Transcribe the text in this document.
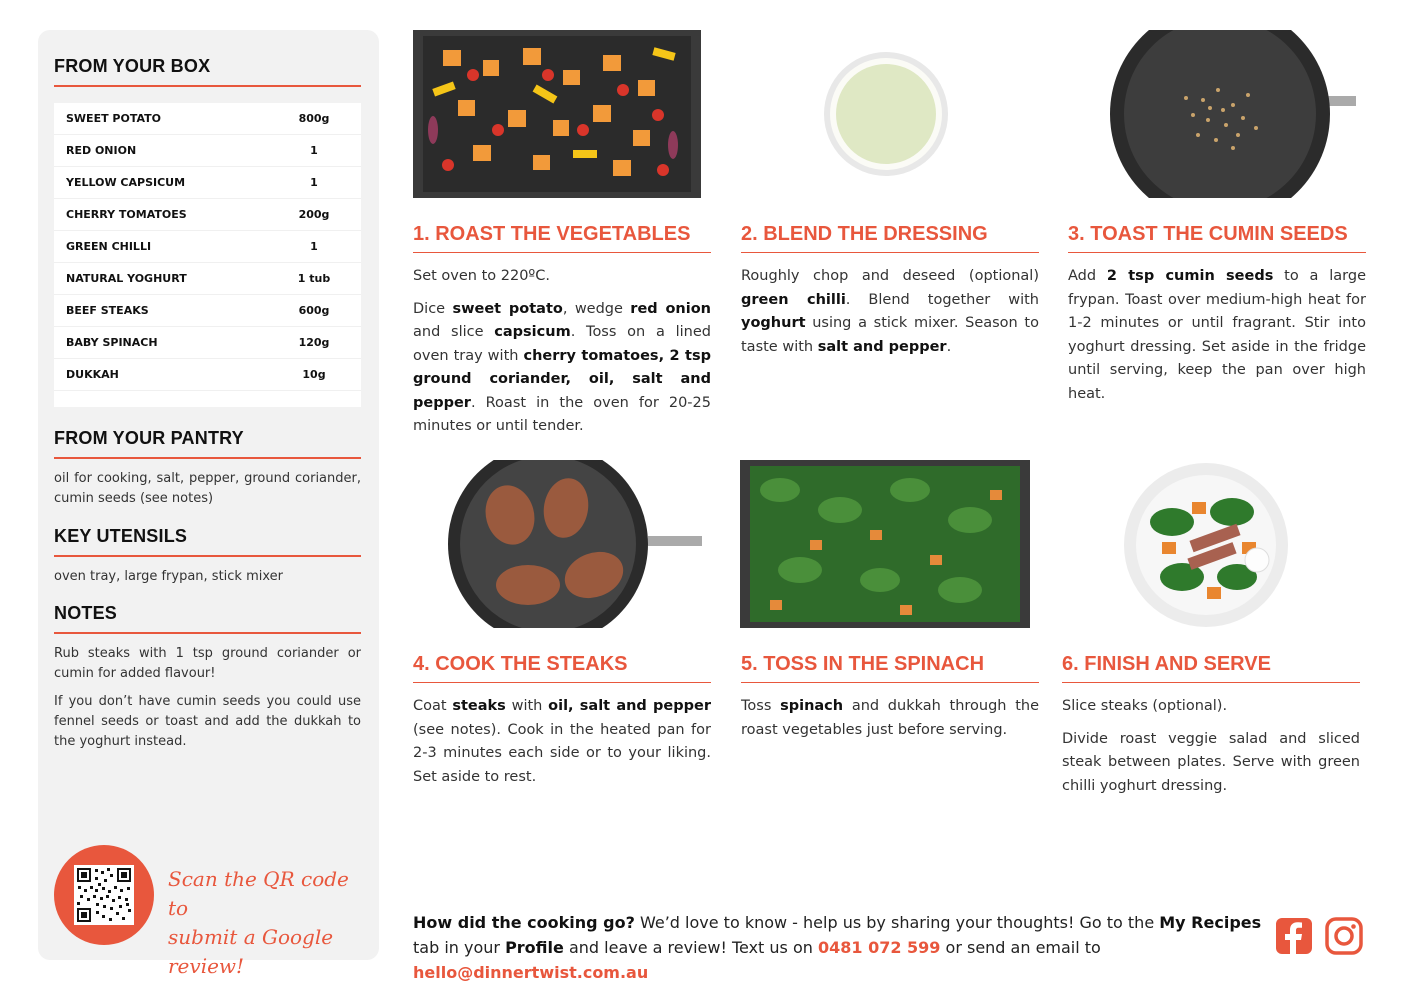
FROM YOUR BOX
SWEET POTATO	800g
RED ONION	1
YELLOW CAPSICUM	1
CHERRY TOMATOES	200g
GREEN CHILLI	1
NATURAL YOGHURT	1 tub
BEEF STEAKS	600g
BABY SPINACH	120g
DUKKAH	10g
FROM YOUR PANTRY
oil for cooking, salt, pepper, ground coriander, cumin seeds (see notes)
KEY UTENSILS
oven tray, large frypan, stick mixer
NOTES

Rub steaks with 1 tsp ground coriander or cumin for added flavour!

If you don’t have cumin seeds you could use fennel seeds or toast and add the dukkah to the yoghurt instead.

Scan the QR code to
submit a Google review!
1. ROAST THE VEGETABLES

Set oven to 220ºC.

Dice sweet potato, wedge red onion and slice capsicum. Toss on a lined oven tray with cherry tomatoes, 2 tsp ground coriander, oil, salt and pepper. Roast in the oven for 20-25 minutes or until tender.

2. BLEND THE DRESSING

Roughly chop and deseed (optional) green chilli. Blend together with yoghurt using a stick mixer. Season to taste with salt and pepper.

3. TOAST THE CUMIN SEEDS

Add 2 tsp cumin seeds to a large frypan. Toast over medium-high heat for 1-2 minutes or until fragrant. Stir into yoghurt dressing. Set aside in the fridge until serving, keep the pan over high heat.

4. COOK THE STEAKS

Coat steaks with oil, salt and pepper (see notes). Cook in the heated pan for 2-3 minutes each side or to your liking. Set aside to rest.

5. TOSS IN THE SPINACH

Toss spinach and dukkah through the roast vegetables just before serving.

6. FINISH AND SERVE

Slice steaks (optional).

Divide roast veggie salad and sliced steak between plates. Serve with green chilli yoghurt dressing.

How did the cooking go? We’d love to know - help us by sharing your thoughts! Go to the My Recipes tab in your Profile and leave a review! Text us on 0481 072 599 or send an email to hello@dinnertwist.com.au
